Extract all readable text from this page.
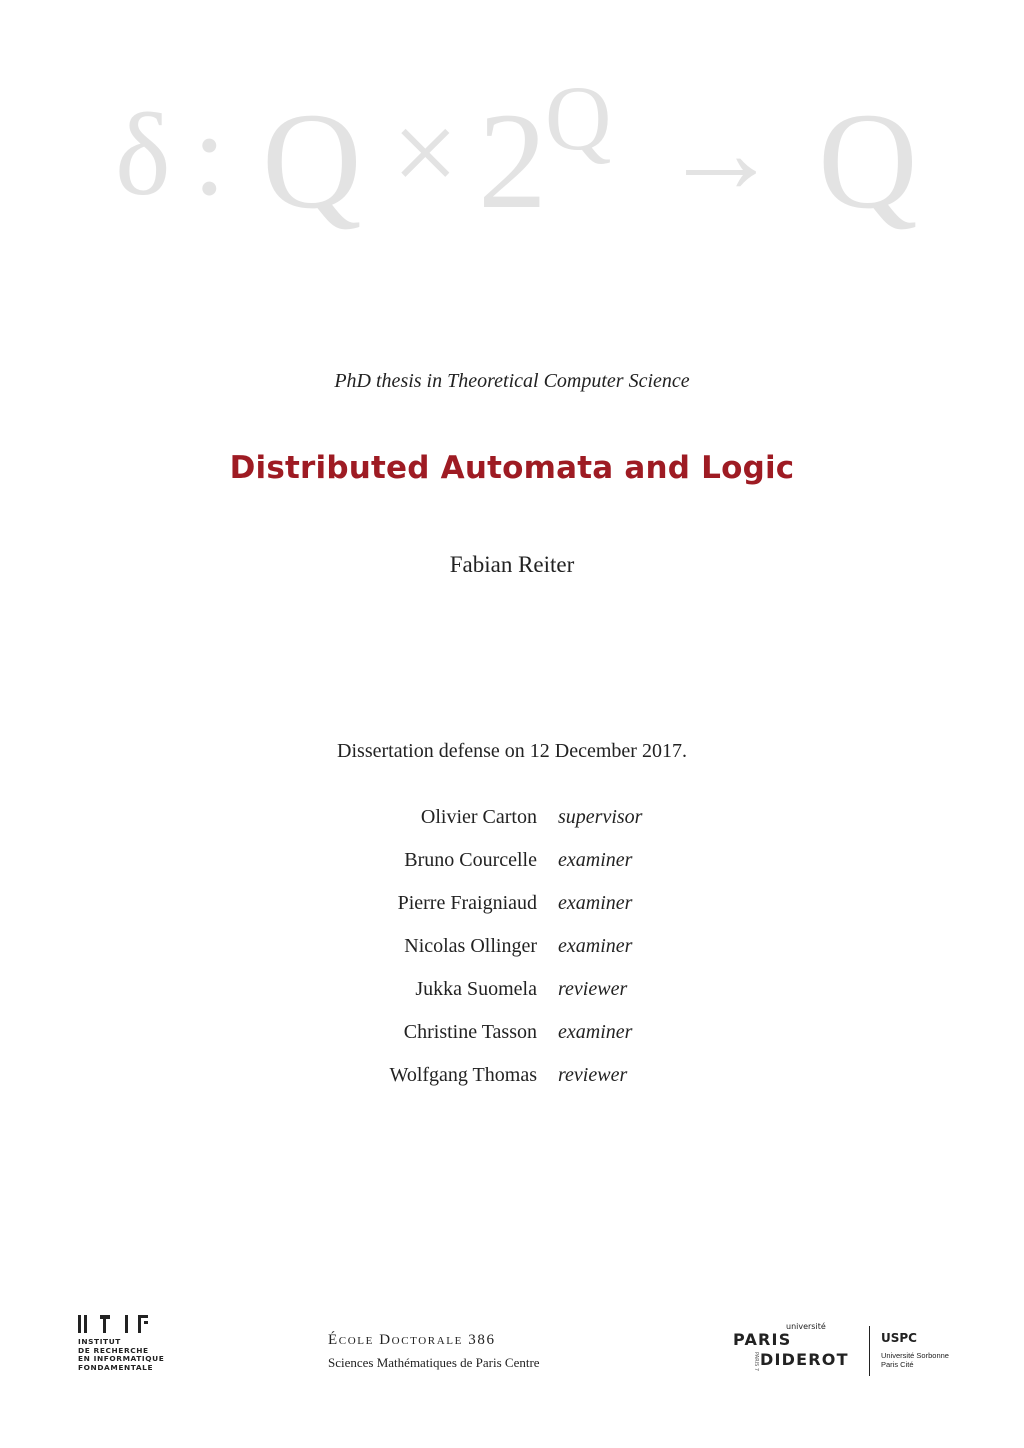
δ : Q × 2
Q → Q
PhD thesis in Theoretical Computer Science
Distributed Automata and Logic
Fabian Reiter
Dissertation defense on 12 December 2017.
Olivier Carton supervisor
Bruno Courcelle examiner
Pierre Fraigniaud examiner
Nicolas Ollinger examiner
Jukka Suomela reviewer
Christine Tasson examiner
Wolfgang Thomas reviewer
INSTITUT
DE RECHERCHE
EN INFORMATIQUE
FONDAMENTALE
École Doctorale 386
Sciences Mathématiques de Paris Centre
université
PARIS
PARIS 7 DIDEROT
USPC
Université Sorbonne
Paris Cité
